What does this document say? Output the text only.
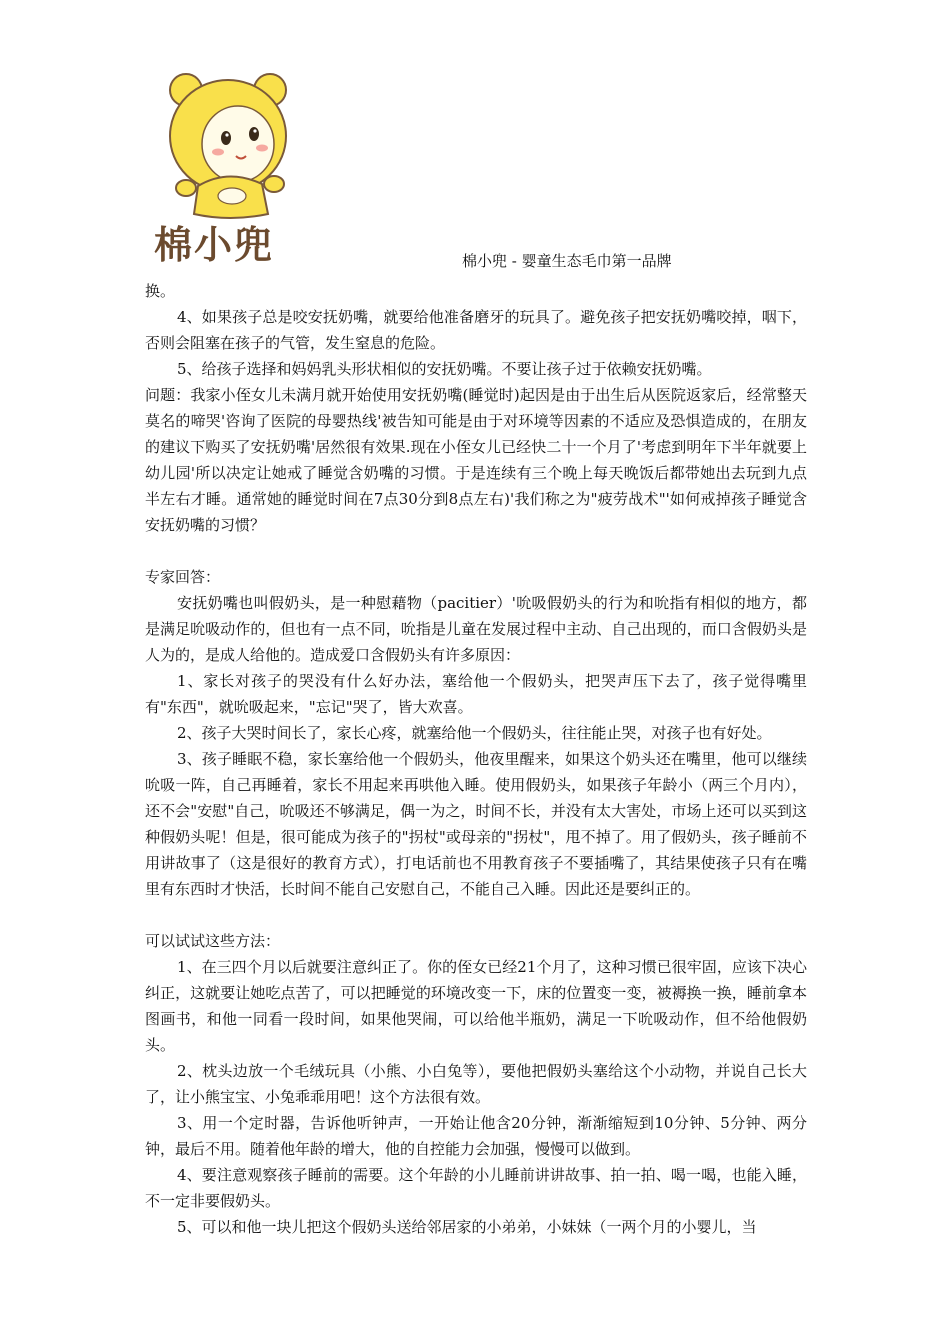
棉小兜	棉小兜 - 婴童生态毛巾第一品牌

换。

4、如果孩子总是咬安抚奶嘴，就要给他准备磨牙的玩具了。避免孩子把安抚奶嘴咬掉，咽下，否则会阻塞在孩子的气管，发生窒息的危险。

5、给孩子选择和妈妈乳头形状相似的安抚奶嘴。不要让孩子过于依赖安抚奶嘴。

问题：我家小侄女儿未满月就开始使用安抚奶嘴(睡觉时)起因是由于出生后从医院返家后，经常整天莫名的啼哭'咨询了医院的母婴热线'被告知可能是由于对环境等因素的不适应及恐惧造成的，在朋友的建议下购买了安抚奶嘴'居然很有效果.现在小侄女儿已经快二十一个月了'考虑到明年下半年就要上幼儿园'所以决定让她戒了睡觉含奶嘴的习惯。于是连续有三个晚上每天晚饭后都带她出去玩到九点半左右才睡。通常她的睡觉时间在7点30分到8点左右)'我们称之为"疲劳战术"'如何戒掉孩子睡觉含安抚奶嘴的习惯？

专家回答：

安抚奶嘴也叫假奶头，是一种慰藉物（pacitier）'吮吸假奶头的行为和吮指有相似的地方，都是满足吮吸动作的，但也有一点不同，吮指是儿童在发展过程中主动、自己出现的，而口含假奶头是人为的，是成人给他的。造成爱口含假奶头有许多原因：

1、家长对孩子的哭没有什么好办法，塞给他一个假奶头，把哭声压下去了，孩子觉得嘴里有"东西"，就吮吸起来，"忘记"哭了，皆大欢喜。

2、孩子大哭时间长了，家长心疼，就塞给他一个假奶头，往往能止哭，对孩子也有好处。

3、孩子睡眠不稳，家长塞给他一个假奶头，他夜里醒来，如果这个奶头还在嘴里，他可以继续吮吸一阵，自己再睡着，家长不用起来再哄他入睡。使用假奶头，如果孩子年龄小（两三个月内），还不会"安慰"自己，吮吸还不够满足，偶一为之，时间不长，并没有太大害处，市场上还可以买到这种假奶头呢！但是，很可能成为孩子的"拐杖"或母亲的"拐杖"，甩不掉了。用了假奶头，孩子睡前不用讲故事了（这是很好的教育方式），打电话前也不用教育孩子不要插嘴了，其结果使孩子只有在嘴里有东西时才快活，长时间不能自己安慰自己，不能自己入睡。因此还是要纠正的。

可以试试这些方法：

1、在三四个月以后就要注意纠正了。你的侄女已经21个月了，这种习惯已很牢固，应该下决心纠正，这就要让她吃点苦了，可以把睡觉的环境改变一下，床的位置变一变，被褥换一换，睡前拿本图画书，和他一同看一段时间，如果他哭闹，可以给他半瓶奶，满足一下吮吸动作，但不给他假奶头。

2、枕头边放一个毛绒玩具（小熊、小白兔等），要他把假奶头塞给这个小动物，并说自己长大了，让小熊宝宝、小兔乖乖用吧！这个方法很有效。

3、用一个定时器，告诉他听钟声，一开始让他含20分钟，渐渐缩短到10分钟、5分钟、两分钟，最后不用。随着他年龄的增大，他的自控能力会加强，慢慢可以做到。

4、要注意观察孩子睡前的需要。这个年龄的小儿睡前讲讲故事、拍一拍、喝一喝，也能入睡，不一定非要假奶头。

5、可以和他一块儿把这个假奶头送给邻居家的小弟弟，小妹妹（一两个月的小婴儿，当
